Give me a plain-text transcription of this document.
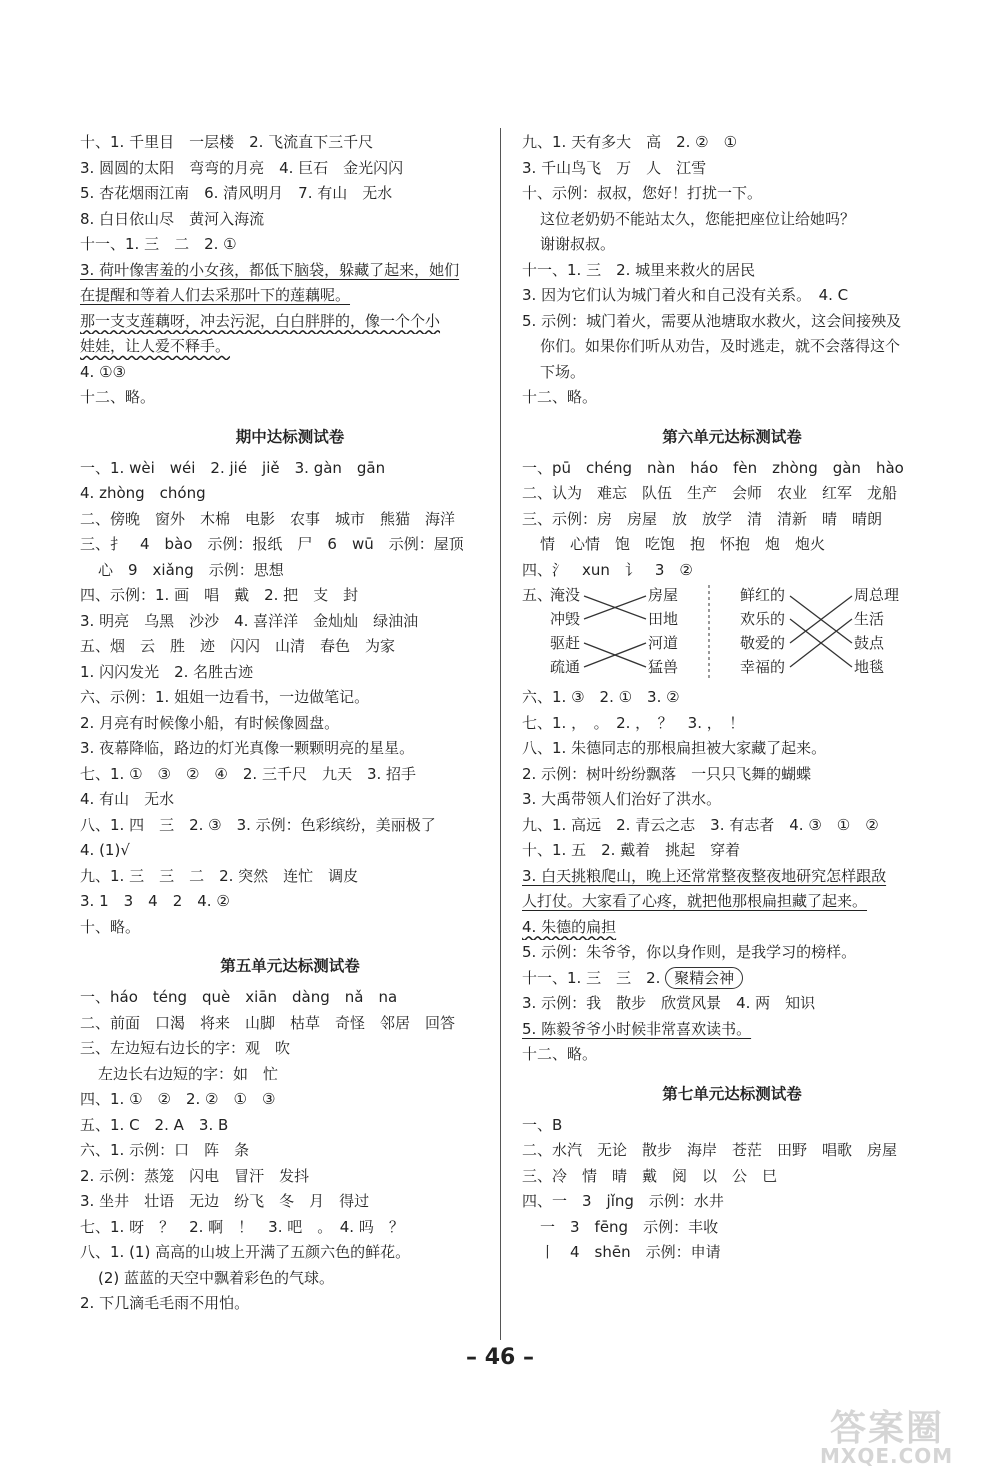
十、1. 千里目　一层楼　2. 飞流直下三千尺
3. 圆圆的太阳　弯弯的月亮　4. 巨石　金光闪闪
5. 杏花烟雨江南　6. 清风明月　7. 有山　无水
8. 白日依山尽　黄河入海流
十一、1. 三　二　2. ①
3. 荷叶像害羞的小女孩，都低下脑袋，躲藏了起来，她们
在提醒和等着人们去采那叶下的莲藕呢。
那一支支莲藕呀，冲去污泥，白白胖胖的，像一个个小
娃娃，让人爱不释手。
4. ①③
十二、略。
期中达标测试卷
一、1. wèi　wéi　2. jié　jiě　3. gàn　gān
4. zhòng　chóng
二、傍晚　窗外　木棉　电影　农事　城市　熊猫　海洋
三、扌　4　bào　示例：报纸　尸　6　wū　示例：屋顶
心　9　xiǎng　示例：思想
四、示例：1. 画　唱　戴　2. 把　支　封
3. 明亮　乌黑　沙沙　4. 喜洋洋　金灿灿　绿油油
五、烟　云　胜　迹　闪闪　山清　春色　为家
1. 闪闪发光　2. 名胜古迹
六、示例：1. 姐姐一边看书，一边做笔记。
2. 月亮有时候像小船，有时候像圆盘。
3. 夜幕降临，路边的灯光真像一颗颗明亮的星星。
七、1. ①　③　②　④　2. 三千尺　九天　3. 招手
4. 有山　无水
八、1. 四　三　2. ③　3. 示例：色彩缤纷，美丽极了
4. (1)√
九、1. 三　三　二　2. 突然　连忙　调皮
3. 1　3　4　2　4. ②
十、略。
第五单元达标测试卷
一、háo　téng　què　xiān　dàng　nǎ　na
二、前面　口渴　将来　山脚　枯草　奇怪　邻居　回答
三、左边短右边长的字：观　吹
左边长右边短的字：如　忙
四、1. ①　②　2. ②　①　③
五、1. C　2. A　3. B
六、1. 示例：口　阵　条
2. 示例：蒸笼　闪电　冒汗　发抖
3. 坐井　壮语　无边　纷飞　冬　月　得过
七、1. 呀　？　2. 啊　！　3. 吧　。　4. 吗　？
八、1. (1) 高高的山坡上开满了五颜六色的鲜花。
(2) 蓝蓝的天空中飘着彩色的气球。
2. 下几滴毛毛雨不用怕。
九、1. 天有多大　高　2. ②　①
3. 千山鸟飞　万　人　江雪
十、示例：叔叔，您好！打扰一下。
这位老奶奶不能站太久，您能把座位让给她吗？
谢谢叔叔。
十一、1. 三　2. 城里来救火的居民
3. 因为它们认为城门着火和自己没有关系。　4. C
5. 示例：城门着火，需要从池塘取水救火，这会间接殃及
你们。如果你们听从劝告，及时逃走，就不会落得这个
下场。
十二、略。
第六单元达标测试卷
一、pū　chéng　nàn　háo　fèn　zhòng　gàn　hào
二、认为　难忘　队伍　生产　会师　农业　红军　龙船
三、示例：房　房屋　放　放学　清　清新　晴　晴朗
情　心情　饱　吃饱　抱　怀抱　炮　炮火
四、氵　xun　讠　3　②
五、
淹没
冲毁
驱赶
疏通
房屋
田地
河道
猛兽
鲜红的
欢乐的
敬爱的
幸福的
周总理
生活
鼓点
地毯
六、1. ③　2. ①　3. ②
七、1. ，　。　2. ，　？　3. ，　！
八、1. 朱德同志的那根扁担被大家藏了起来。
2. 示例：树叶纷纷飘落　一只只飞舞的蝴蝶
3. 大禹带领人们治好了洪水。
九、1. 高远　2. 青云之志　3. 有志者　4. ③　①　②
十、1. 五　2. 戴着　挑起　穿着
3. 白天挑粮爬山，晚上还常常整夜整夜地研究怎样跟敌
人打仗。大家看了心疼，就把他那根扁担藏了起来。
4. 朱德的扁担
5. 示例：朱爷爷，你以身作则，是我学习的榜样。
十一、1. 三　三　2. 聚精会神
3. 示例：我　散步　欣赏风景　4. 两　知识
5. 陈毅爷爷小时候非常喜欢读书。
十二、略。
第七单元达标测试卷
一、B
二、水汽　无论　散步　海岸　苍茫　田野　唱歌　房屋
三、冷　情　晴　戴　阅　以　公　巳
四、一　3　jǐng　示例：水井
一　3　fēng　示例：丰收
丨　4　shēn　示例：申请
– 46 –
答案圈
MXQE.COM
